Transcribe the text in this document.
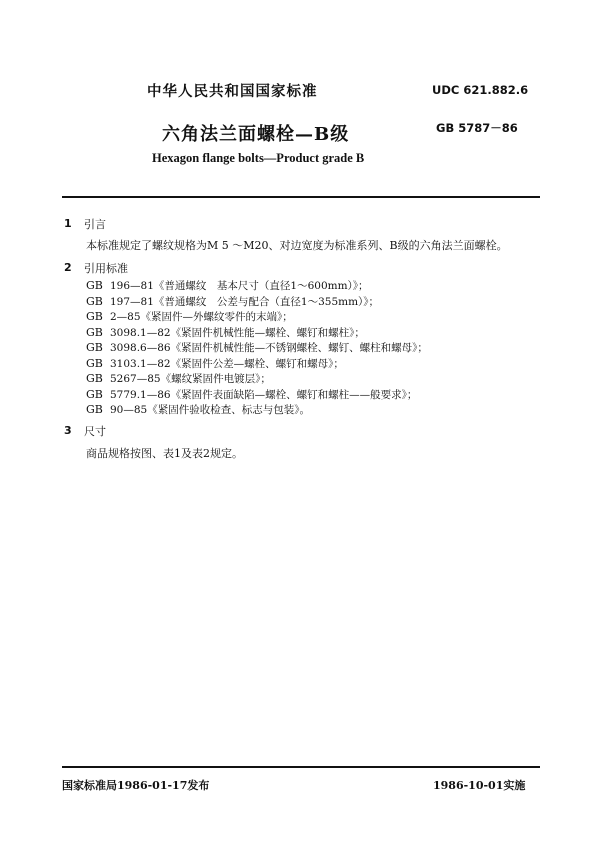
中华人民共和国国家标准	UDC 621.882.6
六角法兰面螺栓—B级	GB 5787－86
Hexagon flange bolts—Product grade B
1 引言
本标准规定了螺纹规格为M 5 ～M20、对边宽度为标准系列、B级的六角法兰面螺栓。
2 引用标准
GB 196—81《普通螺纹　基本尺寸（直径1～600mm）》；
GB 197—81《普通螺纹　公差与配合（直径1～355mm）》；
GB 2—85《紧固件—外螺纹零件的末端》；
GB 3098.1—82《紧固件机械性能—螺栓、螺钉和螺柱》；
GB 3098.6—86《紧固件机械性能—不锈钢螺栓、螺钉、螺柱和螺母》；
GB 3103.1—82《紧固件公差—螺栓、螺钉和螺母》；
GB 5267—85《螺纹紧固件电镀层》；
GB 5779.1—86《紧固件表面缺陷—螺栓、螺钉和螺柱——般要求》；
GB 90—85《紧固件验收检查、标志与包装》。
3 尺寸
商品规格按图、表1及表2规定。
国家标准局1986-01-17发布	1986-10-01实施
